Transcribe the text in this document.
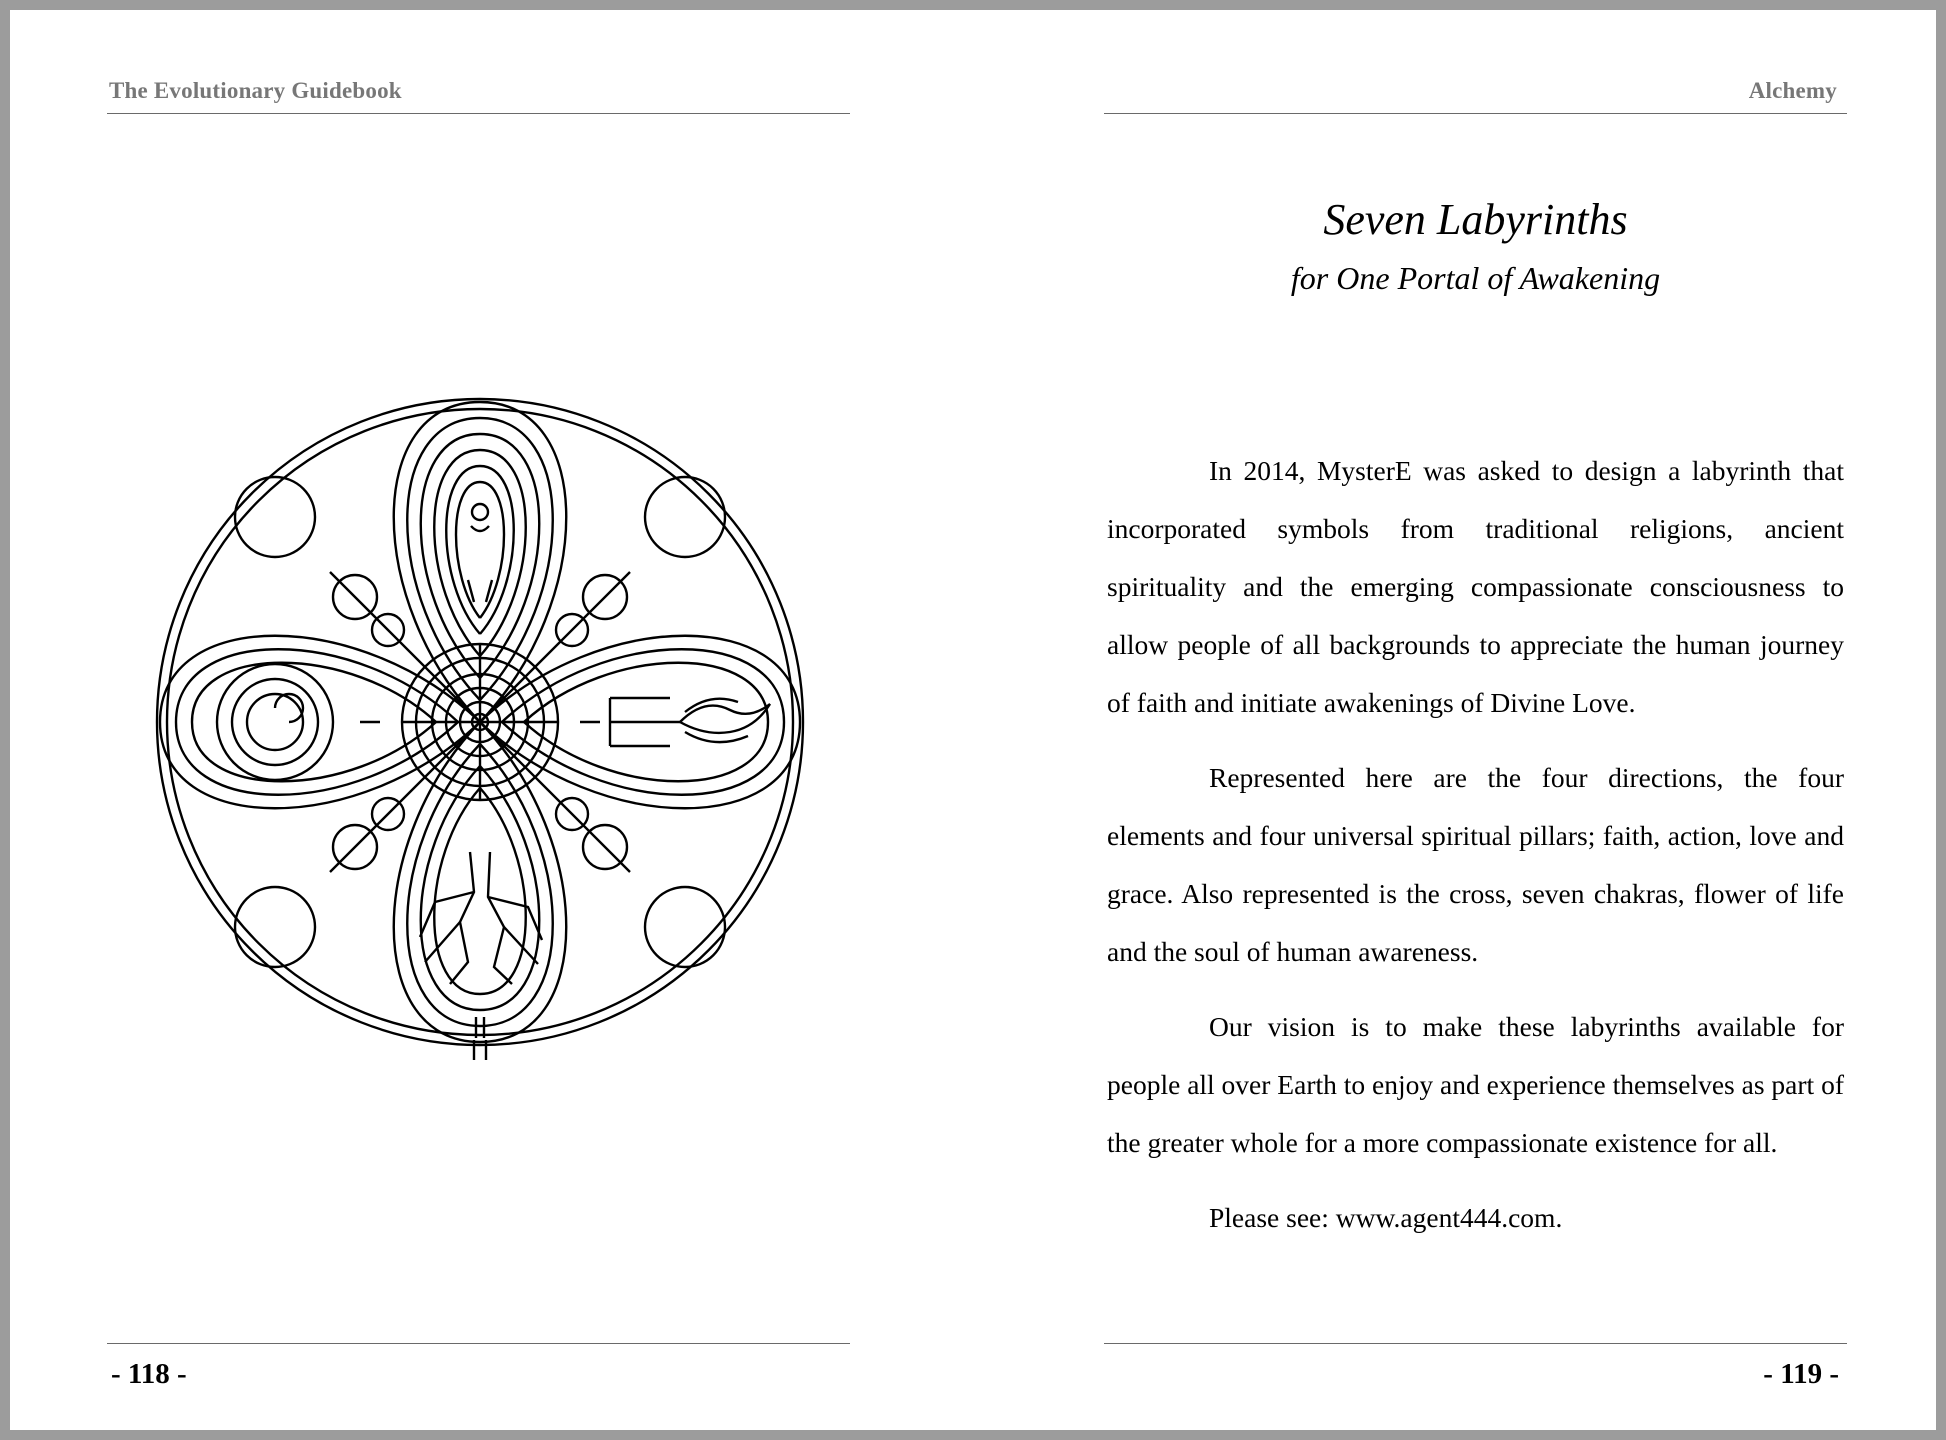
The Evolutionary Guidebook
- 118 -
Alchemy
Seven Labyrinths
for One Portal of Awakening

In 2014, MysterE was asked to design a labyrinth that incorporated symbols from traditional religions, ancient spirituality and the emerging compassionate consciousness to allow people of all backgrounds to appreciate the human journey of faith and initiate awakenings of Divine Love.

Represented here are the four directions, the four elements and four universal spiritual pillars; faith, action, love and grace. Also represented is the cross, seven chakras, flower of life and the soul of human awareness.

Our vision is to make these labyrinths available for people all over Earth to enjoy and experience themselves as part of the greater whole for a more compassionate existence for all.

Please see: www.agent444.com.

- 119 -
